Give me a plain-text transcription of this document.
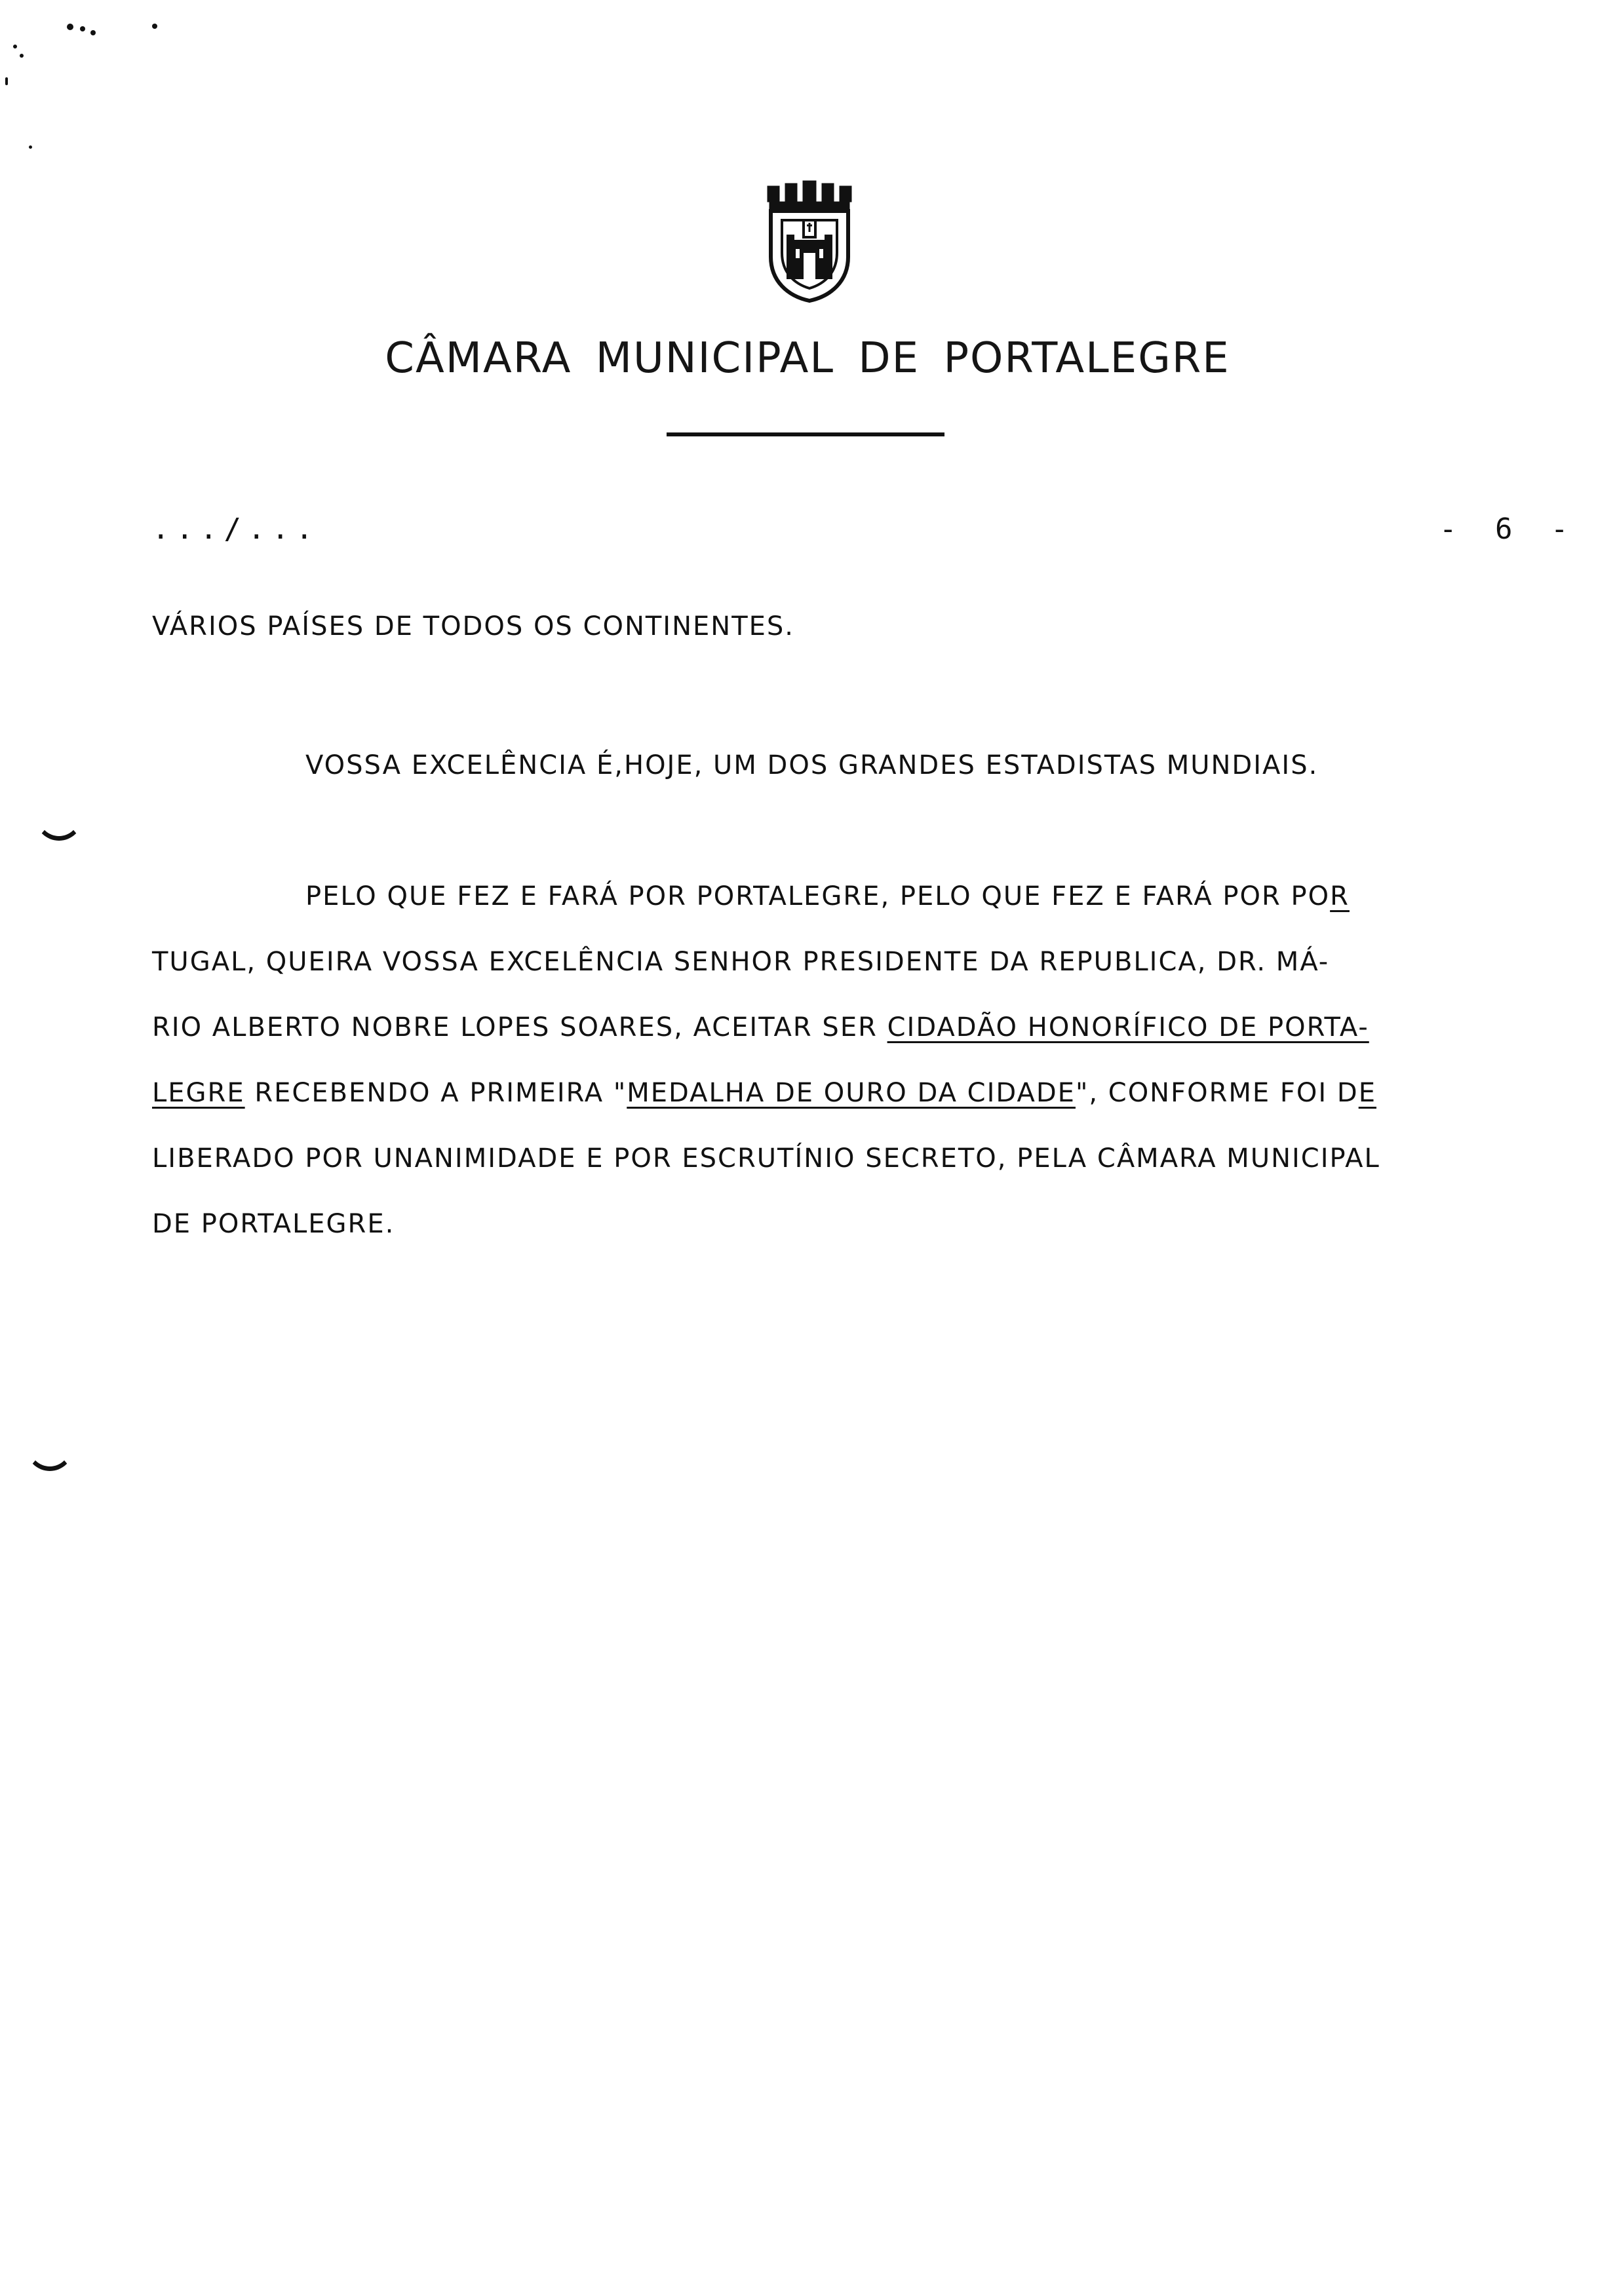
CÂMARA MUNICIPAL DE PORTALEGRE
.../...	- 6 -
VÁRIOS PAÍSES DE TODOS OS CONTINENTES.
VOSSA EXCELÊNCIA É,HOJE, UM DOS GRANDES ESTADISTAS MUNDIAIS.
PELO QUE FEZ E FARÁ POR PORTALEGRE, PELO QUE FEZ E FARÁ POR POR
TUGAL, QUEIRA VOSSA EXCELÊNCIA SENHOR PRESIDENTE DA REPUBLICA, DR. MÁ-
RIO ALBERTO NOBRE LOPES SOARES, ACEITAR SER CIDADÃO HONORÍFICO DE PORTA-
LEGRE RECEBENDO A PRIMEIRA "MEDALHA DE OURO DA CIDADE", CONFORME FOI DE
LIBERADO POR UNANIMIDADE E POR ESCRUTÍNIO SECRETO, PELA CÂMARA MUNICIPAL
DE PORTALEGRE.
